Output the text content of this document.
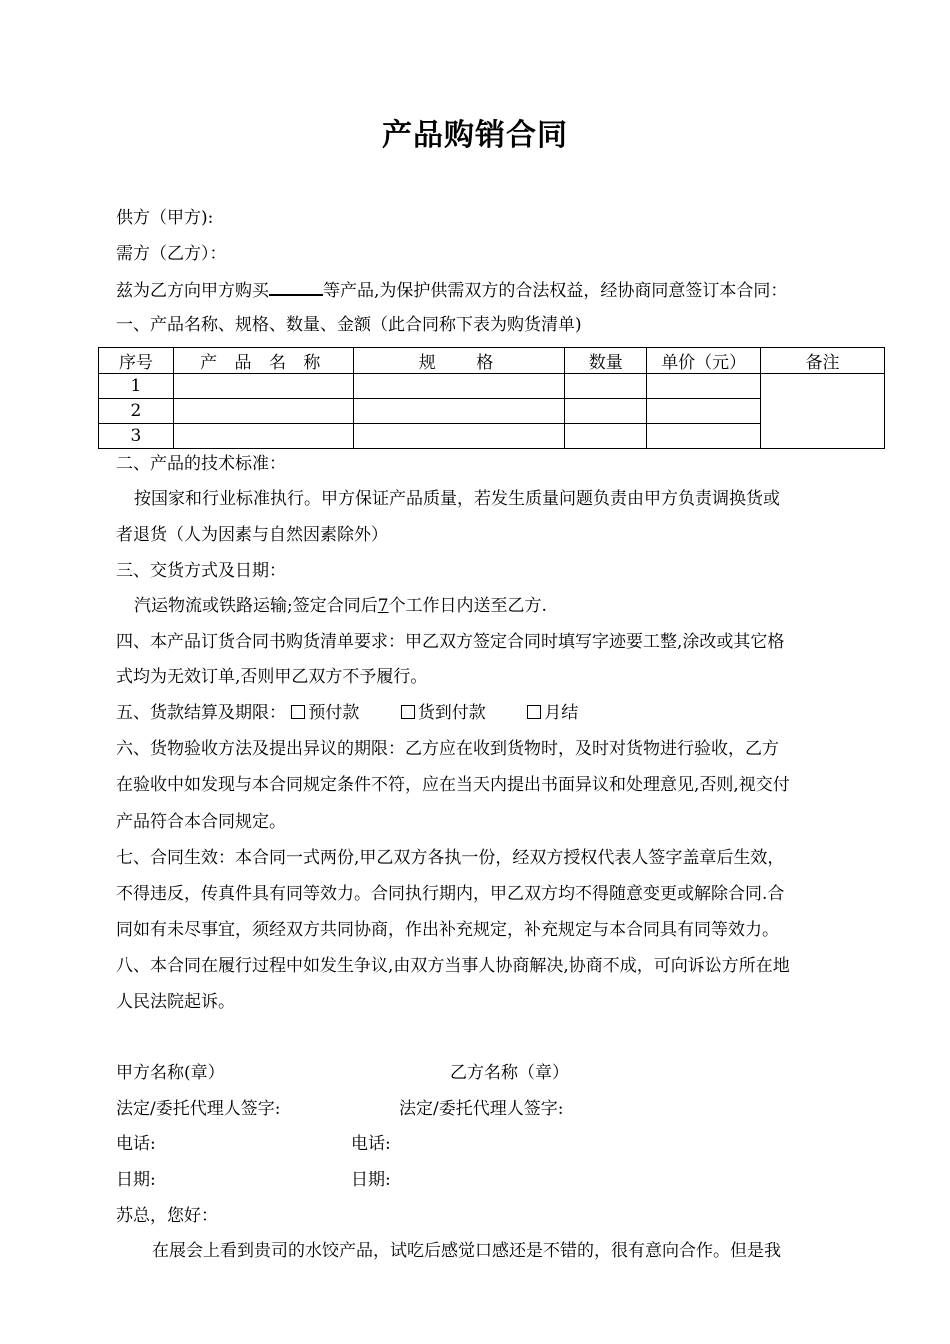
产品购销合同
供方（甲方):
需方（乙方）：
兹为乙方向甲方购买	等产品,为保护供需双方的合法权益，经协商同意签订本合同：
一、产品名称、规格、数量、金额（此合同称下表为购货清单)
序号	产 品 名 称	规　 格	数量	单价（元）	备注
1					
2					
3					
二、产品的技术标准：
按国家和行业标准执行。甲方保证产品质量，若发生质量问题负责由甲方负责调换货或
者退货（人为因素与自然因素除外）
三、交货方式及日期：
汽运物流或铁路运输;签定合同后7个工作日内送至乙方.
四、本产品订货合同书购货清单要求：甲乙双方签定合同时填写字迹要工整,涂改或其它格
式均为无效订单,否则甲乙双方不予履行。
五、货款结算及期限： 预付款	货到付款	月结
六、货物验收方法及提出异议的期限：乙方应在收到货物时，及时对货物进行验收，乙方
在验收中如发现与本合同规定条件不符，应在当天内提出书面异议和处理意见,否则,视交付
产品符合本合同规定。
七、合同生效：本合同一式两份,甲乙双方各执一份，经双方授权代表人签字盖章后生效，
不得违反，传真件具有同等效力。合同执行期内，甲乙双方均不得随意变更或解除合同.合
同如有未尽事宜，须经双方共同协商，作出补充规定，补充规定与本合同具有同等效力。
八、本合同在履行过程中如发生争议,由双方当事人协商解决,协商不成，可向诉讼方所在地
人民法院起诉。
甲方名称(章）	乙方名称（章）
法定/委托代理人签字:	法定/委托代理人签字:
电话:	电话:
日期:	日期:
苏总，您好：
在展会上看到贵司的水饺产品，试吃后感觉口感还是不错的，很有意向合作。但是我
